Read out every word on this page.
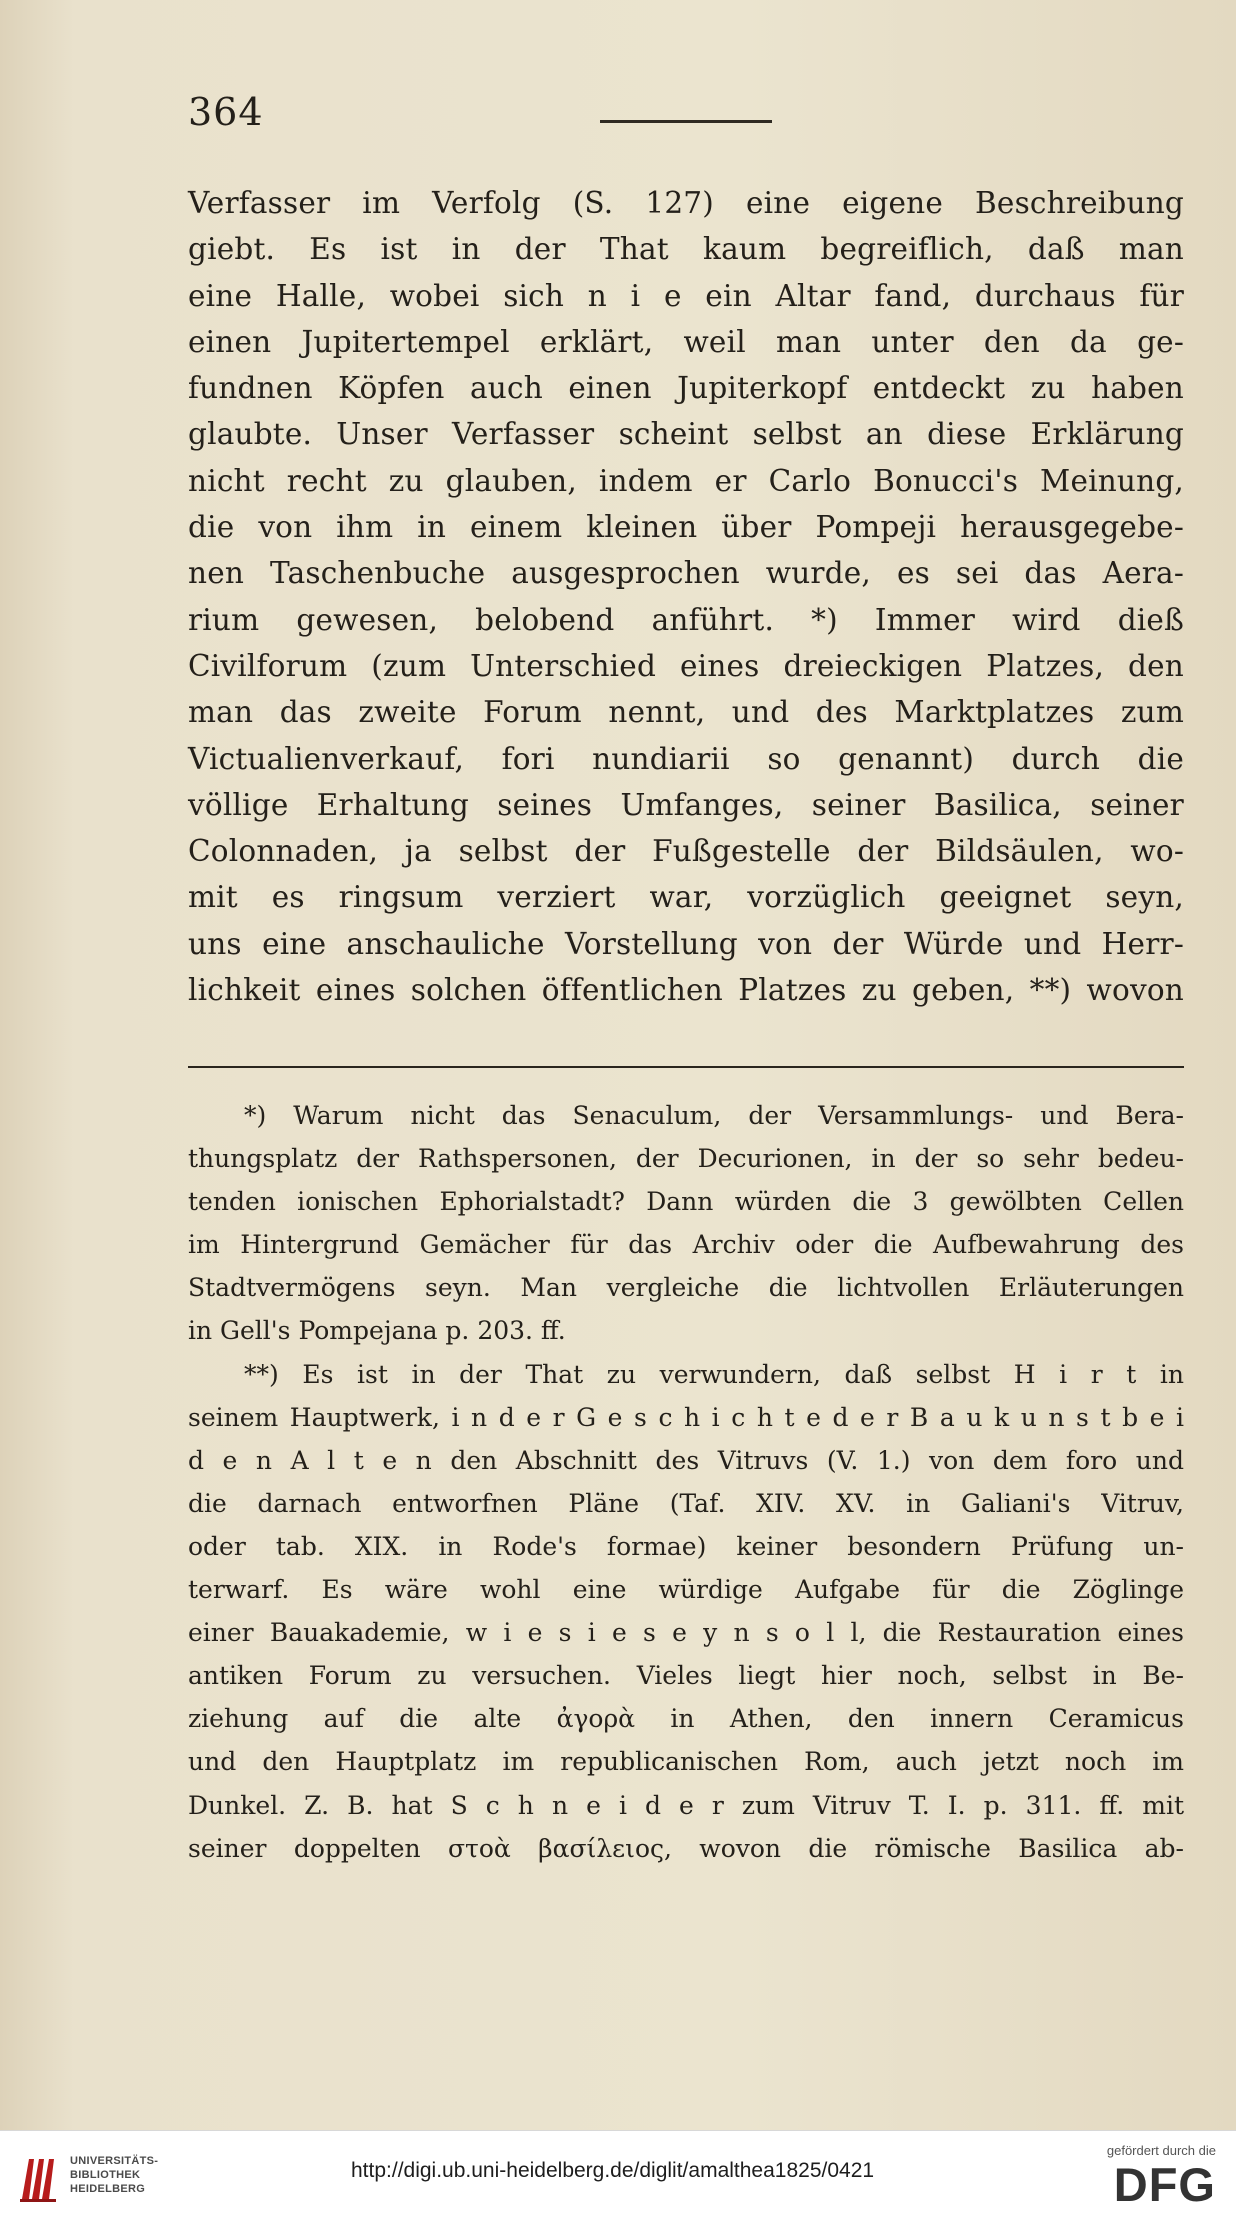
364
Verfasser im Verfolg (S. 127) eine eigene Beschreibung
giebt. Es ist in der That kaum begreiflich, daß man
eine Halle, wobei sich n i e ein Altar fand, durchaus für
einen Jupitertempel erklärt, weil man unter den da ge-
fundnen Köpfen auch einen Jupiterkopf entdeckt zu haben
glaubte. Unser Verfasser scheint selbst an diese Erklärung
nicht recht zu glauben, indem er Carlo Bonucci's Meinung,
die von ihm in einem kleinen über Pompeji herausgegebe-
nen Taschenbuche ausgesprochen wurde, es sei das Aera-
rium gewesen, belobend anführt. *) Immer wird dieß
Civilforum (zum Unterschied eines dreieckigen Platzes, den
man das zweite Forum nennt, und des Marktplatzes zum
Victualienverkauf, fori nundiarii so genannt) durch die
völlige Erhaltung seines Umfanges, seiner Basilica, seiner
Colonnaden, ja selbst der Fußgestelle der Bildsäulen, wo-
mit es ringsum verziert war, vorzüglich geeignet seyn,
uns eine anschauliche Vorstellung von der Würde und Herr-
lichkeit eines solchen öffentlichen Platzes zu geben, **) wovon
*) Warum nicht das Senaculum, der Versammlungs- und Bera-
thungsplatz der Rathspersonen, der Decurionen, in der so sehr bedeu-
tenden ionischen Ephorialstadt? Dann würden die 3 gewölbten Cellen
im Hintergrund Gemächer für das Archiv oder die Aufbewahrung des
Stadtvermögens seyn. Man vergleiche die lichtvollen Erläuterungen
in Gell's Pompejana p. 203. ff.
**) Es ist in der That zu verwundern, daß selbst H i r t in
seinem Hauptwerk, i n d e r G e s c h i c h t e d e r B a u k u n s t b e i
d e n A l t e n den Abschnitt des Vitruvs (V. 1.) von dem foro und
die darnach entworfnen Pläne (Taf. XIV. XV. in Galiani's Vitruv,
oder tab. XIX. in Rode's formae) keiner besondern Prüfung un-
terwarf. Es wäre wohl eine würdige Aufgabe für die Zöglinge
einer Bauakademie, w i e s i e s e y n s o l l, die Restauration eines
antiken Forum zu versuchen. Vieles liegt hier noch, selbst in Be-
ziehung auf die alte ἀγορὰ in Athen, den innern Ceramicus
und den Hauptplatz im republicanischen Rom, auch jetzt noch im
Dunkel. Z. B. hat S c h n e i d e r zum Vitruv T. I. p. 311. ff. mit
seiner doppelten στοὰ βασίλειος, wovon die römische Basilica ab-
UNIVERSITÄTS-
BIBLIOTHEK
HEIDELBERG
http://digi.ub.uni-heidelberg.de/diglit/amalthea1825/0421
gefördert durch die
DFG
